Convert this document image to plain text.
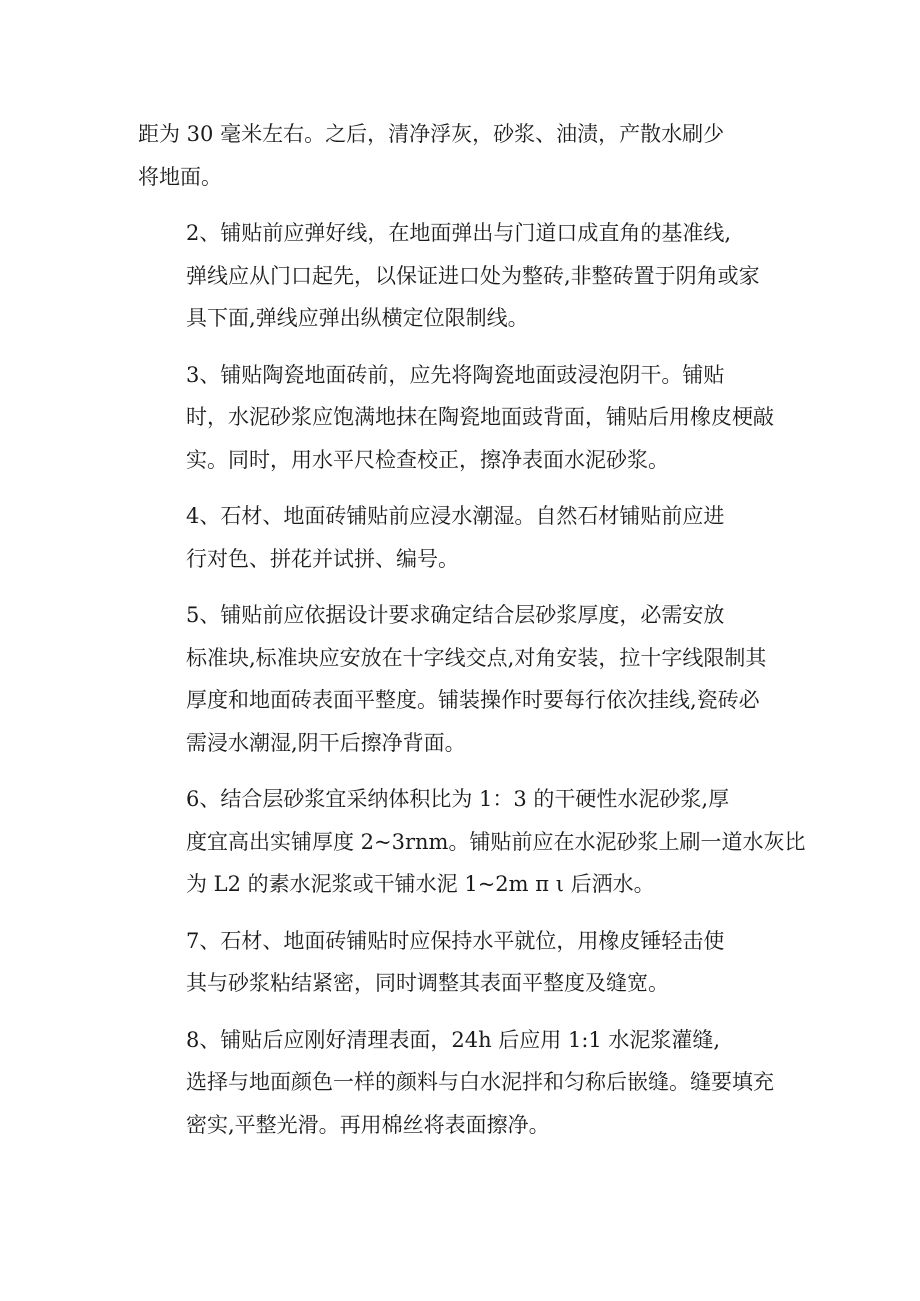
距为 30 毫米左右。之后，清净浮灰，砂浆、油渍，产散水刷少
将地面。

2、铺贴前应弹好线，在地面弹出与门道口成直角的基准线,
弹线应从门口起先，以保证进口处为整砖,非整砖置于阴角或家
具下面,弹线应弹出纵横定位限制线。

3、铺贴陶瓷地面砖前，应先将陶瓷地面豉浸泡阴干。铺贴
时，水泥砂浆应饱满地抹在陶瓷地面豉背面，铺贴后用橡皮梗敲
实。同时，用水平尺检查校正，擦净表面水泥砂浆。

4、石材、地面砖铺贴前应浸水潮湿。自然石材铺贴前应进
行对色、拼花并试拼、编号。

5、铺贴前应依据设计要求确定结合层砂浆厚度，必需安放
标准块,标准块应安放在十字线交点,对角安装，拉十字线限制其
厚度和地面砖表面平整度。铺装操作时要每行依次挂线,瓷砖必
需浸水潮湿,阴干后擦净背面。

6、结合层砂浆宜采纳体积比为 1：3 的干硬性水泥砂浆,厚
度宜高出实铺厚度 2~3rnm。铺贴前应在水泥砂浆上刷一道水灰比
为 L2 的素水泥浆或干铺水泥 1~2m π ι 后洒水。

7、石材、地面砖铺贴时应保持水平就位，用橡皮锤轻击使
其与砂浆粘结紧密，同时调整其表面平整度及缝宽。

8、铺贴后应刚好清理表面，24h 后应用 1:1 水泥浆灌缝,
选择与地面颜色一样的颜料与白水泥拌和匀称后嵌缝。缝要填充
密实,平整光滑。再用棉丝将表面擦净。
